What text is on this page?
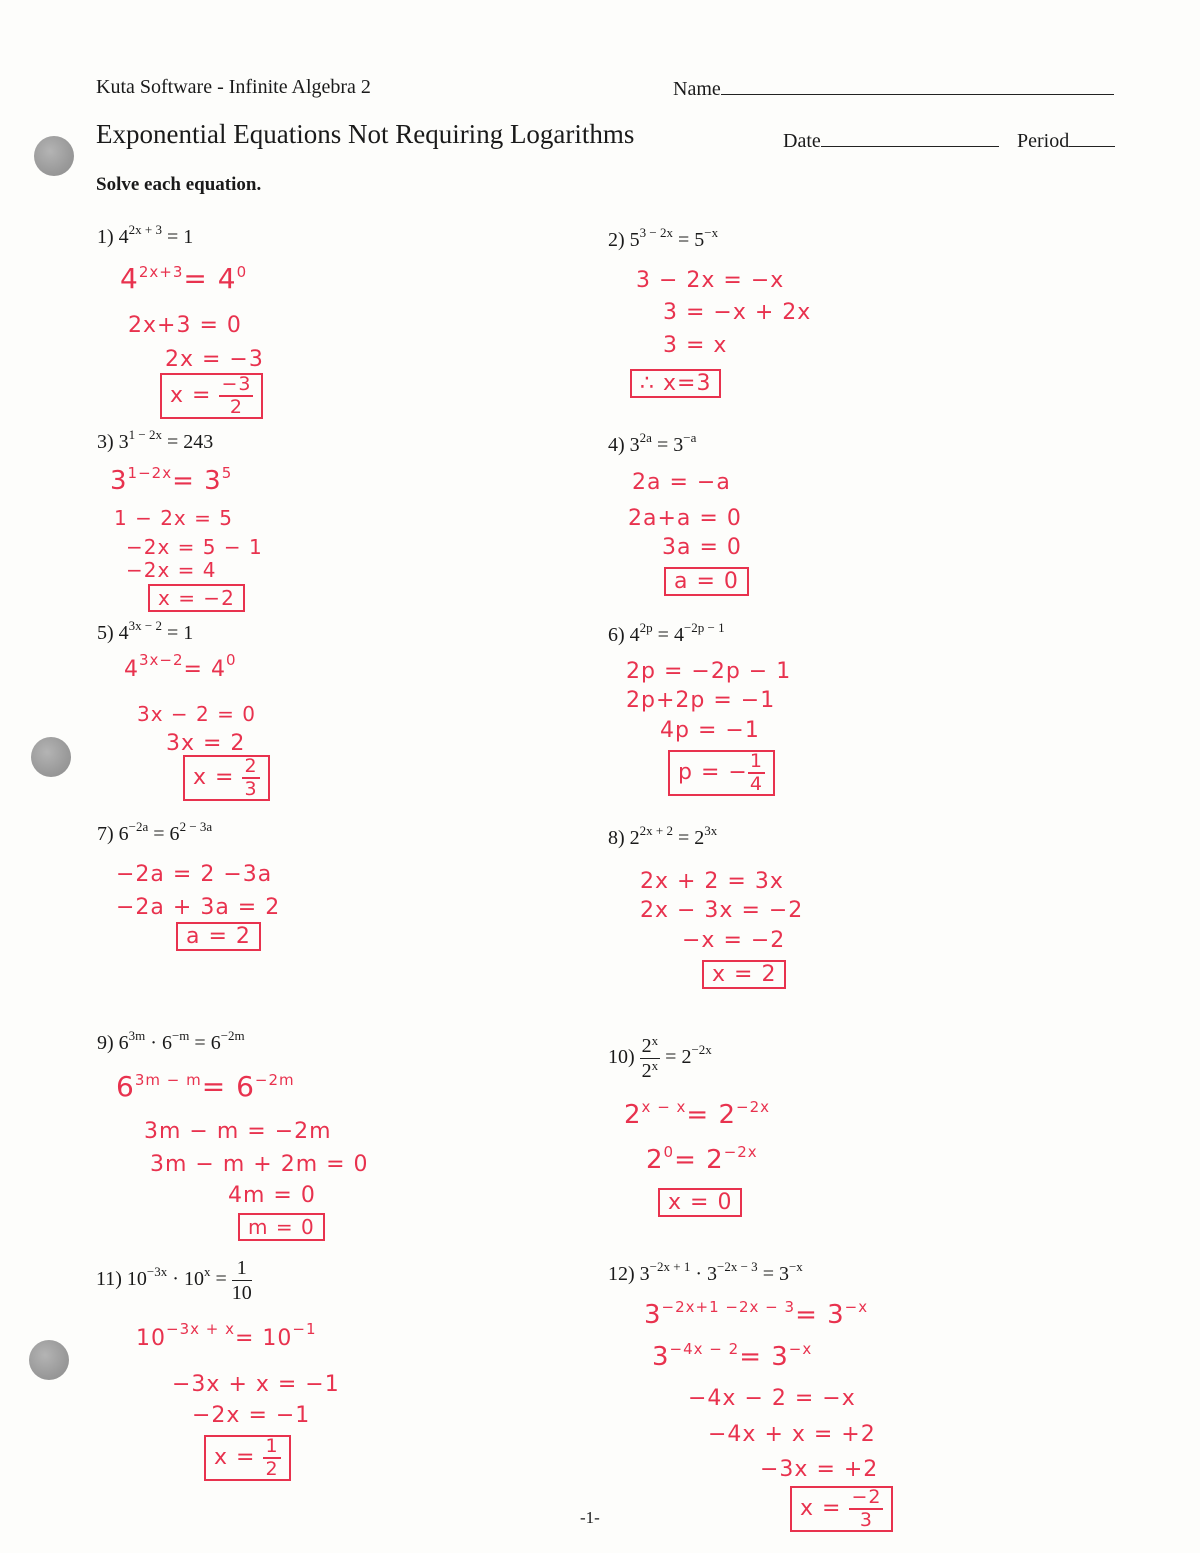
Kuta Software - Infinite Algebra 2	Name
Exponential Equations Not Requiring Logarithms	Date	Period
Solve each equation.
1) $4^{2x + 3} = 1$
$4^{2x+3}= 4^0$
2x+3 = 0
2x = −3
$x = \frac{-3}{2}$
2) $5^{3 - 2x} = 5^{-x}$
3 − 2x = −x
3 = −x + 2x
3 = x
∴ x=3
3) $3^{1 - 2x} = 243$
$3^{1-2x}= 3^5$
1 − 2x = 5
−2x = 5 − 1
−2x = 4
x = −2
4) $3^{2a} = 3^{-a}$
2a = −a
2a+a = 0
3a = 0
a = 0
5) $4^{3x - 2} = 1$
$4^{3x-2}= 4^0$
3x − 2 = 0
3x = 2
$x = \frac{2}{3}$
6) $4^{2p} = 4^{-2p - 1}$
2p = −2p − 1
2p+2p = −1
4p = −1
p = − $\frac{1}{4}$
7) $6^{-2a} = 6^{2 - 3a}$
−2a = 2 −3a
−2a + 3a = 2
a = 2
8) $2^{2x + 2} = 2^{3x}$
2x + 2 = 3x
2x − 3x = −2
−x = −2
x = 2
9) $6^{3m} \cdot 6^{-m} = 6^{-2m}$
$6^{3m - m}= 6^{-2m}$
3m − m = −2m
3m − m + 2m = 0
4m = 0
m = 0
$10) \frac{2^x}{2^x} = 2^{-2x}$
$2^{x - x}= 2^{-2x}$
$2^0= 2^{-2x}$
x = 0
11) $10^{-3x} \cdot 10^x = \frac{1}{10}$
$10^{-3x + x}= 10^{-1}$
−3x + x = −1
−2x = −1
$x = \frac{1}{2}$
12) $3^{-2x + 1} \cdot 3^{-2x - 3} = 3^{-x}$
$3^{-2x+1 -2x - 3}= 3^{-x}$
$3^{-4x - 2}= 3^{-x}$
−4x − 2 = −x
−4x + x = +2
−3x = +2
$x = \frac{-2}{3}$
-1-
